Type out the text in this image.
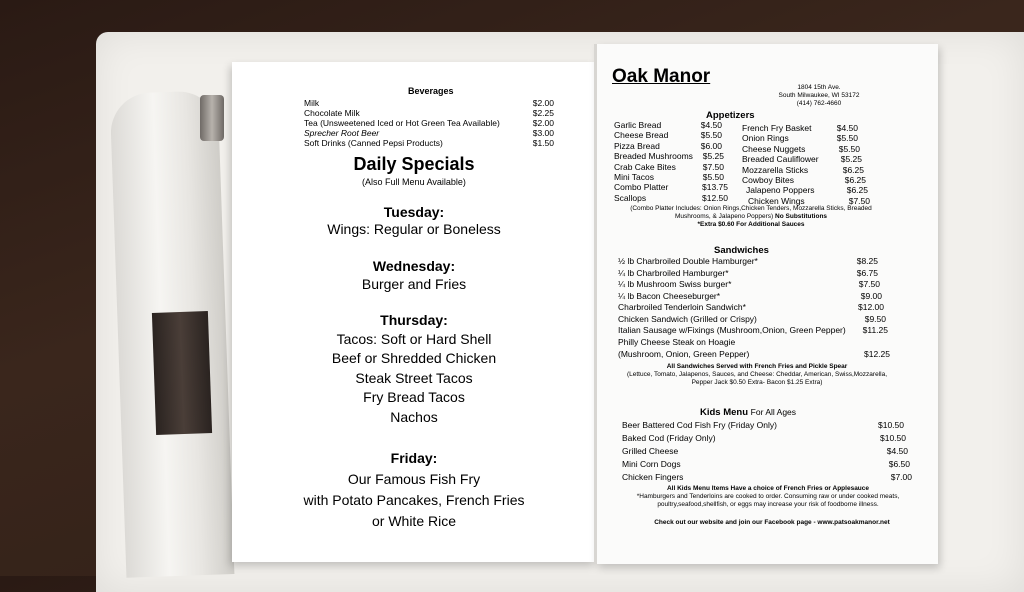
Beverages
Milk	$2.00
Chocolate Milk	$2.25
Tea (Unsweetened Iced or Hot Green Tea Available)	$2.00
Sprecher Root Beer	$3.00
Soft Drinks (Canned Pepsi Products)	$1.50
Daily Specials
(Also Full Menu Available)
Tuesday:
Wings: Regular or Boneless
Wednesday:
Burger and Fries
Thursday:
Tacos: Soft or Hard Shell
Beef or Shredded Chicken
Steak Street Tacos
Fry Bread Tacos
Nachos
Friday:
Our Famous Fish Fry
with Potato Pancakes, French Fries
or White Rice
Oak Manor
1804 15th Ave.
South Milwaukee, WI 53172
(414) 762-4660
Appetizers
Garlic Bread	$4.50
Cheese Bread	$5.50
Pizza Bread	$6.00
Breaded Mushrooms $5.25
Crab Cake Bites	$7.50
Mini Tacos	$5.50
Combo Platter	$13.75
Scallops	$12.50
French Fry Basket	$4.50
Onion Rings	$5.50
Cheese Nuggets	$5.50
Breaded Cauliflower	$5.25
Mozzarella Sticks	$6.25
Cowboy Bites	$6.25
Jalapeno Poppers	$6.25
Chicken Wings	$7.50
(Combo Platter Includes: Onion Rings,Chicken Tenders, Mozzarella Sticks, Breaded Mushrooms, & Jalapeno Poppers) No Substitutions
*Extra $0.60 For Additional Sauces
Sandwiches
½ lb Charbroiled Double Hamburger*	$8.25
¼ lb Charbroiled Hamburger*	$6.75
¼ lb Mushroom Swiss burger*	$7.50
¼ lb Bacon Cheeseburger*	$9.00
Charbroiled Tenderloin Sandwich*	$12.00
Chicken Sandwich (Grilled or Crispy)	$9.50
Italian Sausage w/Fixings (Mushroom,Onion, Green Pepper) $11.25
Philly Cheese Steak on Hoagie
(Mushroom, Onion, Green Pepper)	$12.25
All Sandwiches Served with French Fries and Pickle Spear
(Lettuce, Tomato, Jalapenos, Sauces, and Cheese: Cheddar, American, Swiss,Mozzarella, Pepper Jack $0.50 Extra- Bacon $1.25 Extra)
Kids Menu For All Ages
Beer Battered Cod Fish Fry (Friday Only)	$10.50
Baked Cod (Friday Only)	$10.50
Grilled Cheese	$4.50
Mini Corn Dogs	$6.50
Chicken Fingers	$7.00
All Kids Menu Items Have a choice of French Fries or Applesauce
*Hamburgers and Tenderloins are cooked to order. Consuming raw or under cooked meats, poultry,seafood,shellfish, or eggs may increase your risk of foodborne illness.
Check out our website and join our Facebook page - www.patsoakmanor.net
